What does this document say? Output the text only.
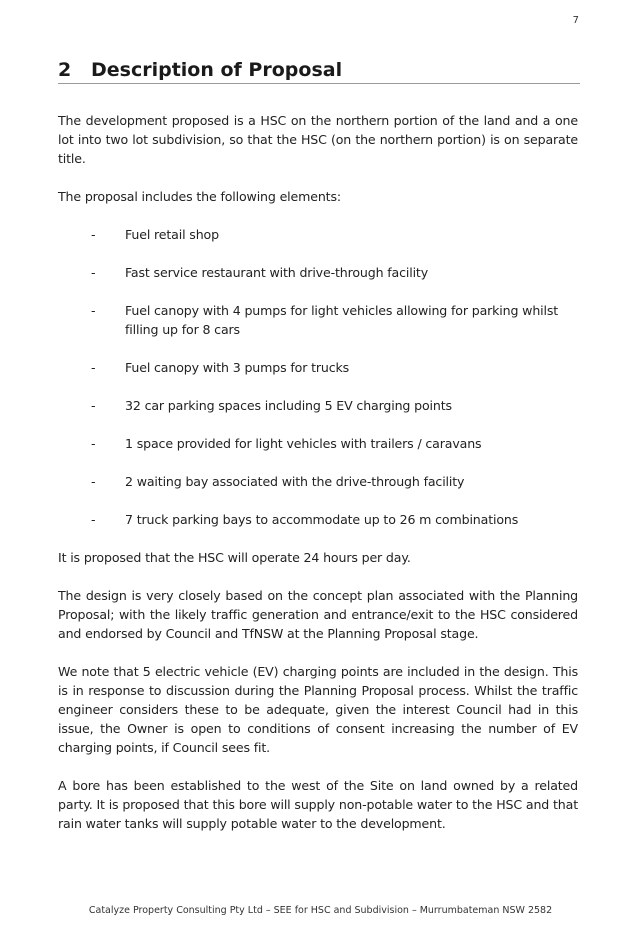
7
2 Description of Proposal

The development proposed is a HSC on the northern portion of the land and a one lot into two lot subdivision, so that the HSC (on the northern portion) is on separate title.

The proposal includes the following elements:

- Fuel retail shop
- Fast service restaurant with drive-through facility
- Fuel canopy with 4 pumps for light vehicles allowing for parking whilst filling up for 8 cars
- Fuel canopy with 3 pumps for trucks
- 32 car parking spaces including 5 EV charging points
- 1 space provided for light vehicles with trailers / caravans
- 2 waiting bay associated with the drive-through facility
- 7 truck parking bays to accommodate up to 26 m combinations

It is proposed that the HSC will operate 24 hours per day.

The design is very closely based on the concept plan associated with the Planning Proposal; with the likely traffic generation and entrance/exit to the HSC considered and endorsed by Council and TfNSW at the Planning Proposal stage.

We note that 5 electric vehicle (EV) charging points are included in the design. This is in response to discussion during the Planning Proposal process. Whilst the traffic engineer considers these to be adequate, given the interest Council had in this issue, the Owner is open to conditions of consent increasing the number of EV charging points, if Council sees fit.

A bore has been established to the west of the Site on land owned by a related party. It is proposed that this bore will supply non-potable water to the HSC and that rain water tanks will supply potable water to the development.

Catalyze Property Consulting Pty Ltd – SEE for HSC and Subdivision – Murrumbateman NSW 2582
